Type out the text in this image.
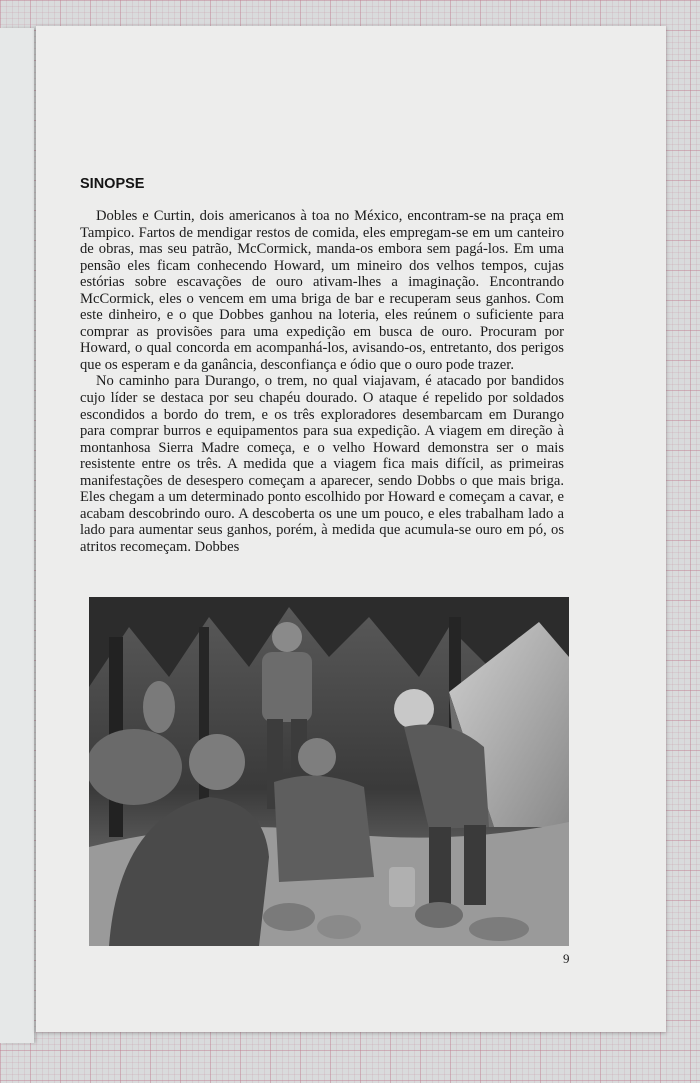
SINOPSE

Dobles e Curtin, dois americanos à toa no México, encontram-se na praça em Tampico. Fartos de mendigar restos de comida, eles empregam-se em um canteiro de obras, mas seu patrão, McCormick, manda-os embora sem pagá-los. Em uma pensão eles ficam conhecendo Howard, um mineiro dos velhos tempos, cujas estórias sobre escavações de ouro ativam-lhes a imaginação. Encontrando McCormick, eles o vencem em uma briga de bar e recuperam seus ganhos. Com este dinheiro, e o que Dobbes ganhou na loteria, eles reúnem o suficiente para comprar as provisões para uma expedição em busca de ouro. Procuram por Howard, o qual concorda em acompanhá-los, avisando-os, entretanto, dos perigos que os esperam e da ganância, desconfiança e ódio que o ouro pode trazer.

No caminho para Durango, o trem, no qual viajavam, é atacado por bandidos cujo líder se destaca por seu chapéu dourado. O ataque é repelido por soldados escondidos a bordo do trem, e os três exploradores desembarcam em Durango para comprar burros e equipamentos para sua expedição. A viagem em direção à montanhosa Sierra Madre começa, e o velho Howard demonstra ser o mais resistente entre os três. A medida que a viagem fica mais difícil, as primeiras manifestações de desespero começam a aparecer, sendo Dobbs o que mais briga. Eles chegam a um determinado ponto escolhido por Howard e começam a cavar, e acabam descobrindo ouro. A descoberta os une um pouco, e eles trabalham lado a lado para aumentar seus ganhos, porém, à medida que acumula-se ouro em pó, os atritos recomeçam. Dobbes

9
